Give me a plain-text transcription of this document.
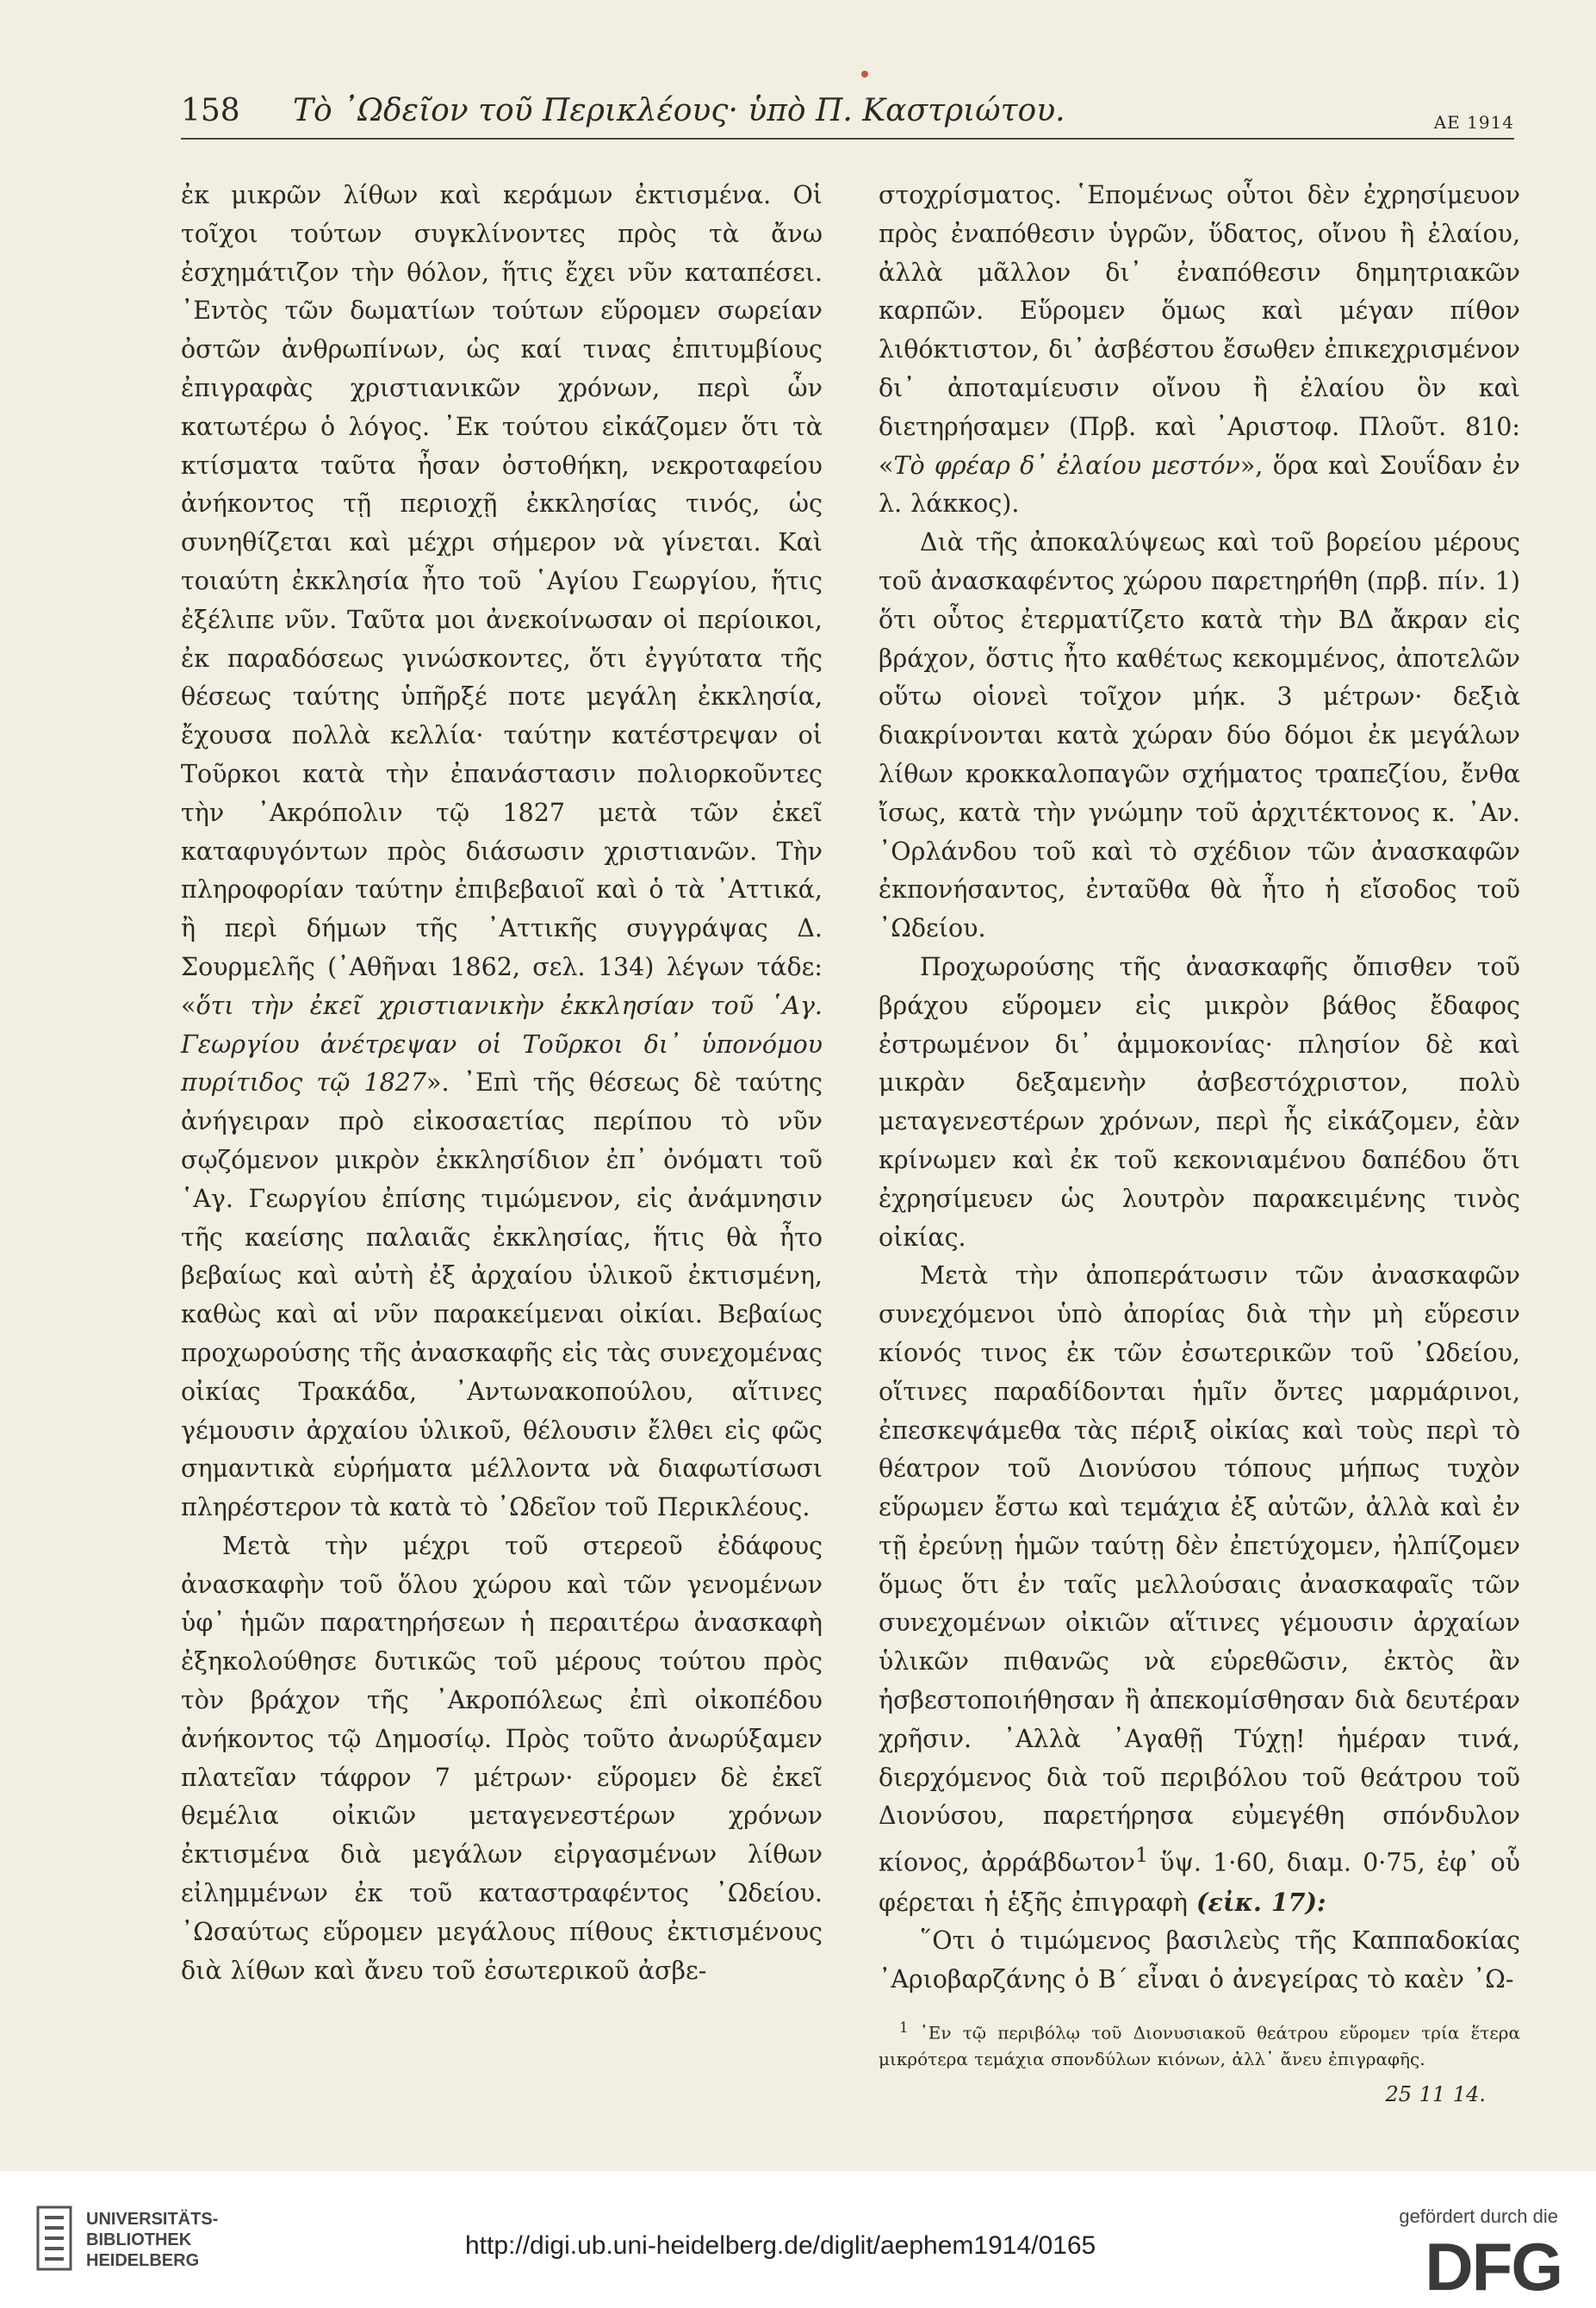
158 Τὸ ᾿Ωδεῖον τοῦ Περικλέους· ὑπὸ Π. Καστριώτου.	ΑΕ 1914

ἐκ μικρῶν λίθων καὶ κεράμων ἐκτισμένα. Οἱ τοῖχοι τούτων συγκλίνοντες πρὸς τὰ ἄνω ἐσχημάτιζον τὴν θόλον, ἥτις ἔχει νῦν καταπέσει. ᾿Εντὸς τῶν δωματίων τούτων εὕρομεν σωρείαν ὀστῶν ἀνθρωπίνων, ὡς καί τινας ἐπιτυμβίους ἐπιγραφὰς χριστιανικῶν χρόνων, περὶ ὧν κατωτέρω ὁ λόγος. ᾿Εκ τούτου εἰκάζομεν ὅτι τὰ κτίσματα ταῦτα ἦσαν ὀστοθήκη, νεκροταφείου ἀνήκοντος τῇ περιοχῇ ἐκκλησίας τινός, ὡς συνηθίζεται καὶ μέχρι σήμερον νὰ γίνεται. Καὶ τοιαύτη ἐκκλησία ἦτο τοῦ ῾Αγίου Γεωργίου, ἥτις ἐξέλιπε νῦν. Ταῦτα μοι ἀνεκοίνωσαν οἱ περίοικοι, ἐκ παραδόσεως γινώσκοντες, ὅτι ἐγγύτατα τῆς θέσεως ταύτης ὑπῆρξέ ποτε μεγάλη ἐκκλησία, ἔχουσα πολλὰ κελλία· ταύτην κατέστρεψαν οἱ Τοῦρκοι κατὰ τὴν ἐπανάστασιν πολιορκοῦντες τὴν ᾿Ακρόπολιν τῷ 1827 μετὰ τῶν ἐκεῖ καταφυγόντων πρὸς διάσωσιν χριστιανῶν. Τὴν πληροφορίαν ταύτην ἐπιβεβαιοῖ καὶ ὁ τὰ ᾿Αττικά, ἢ περὶ δήμων τῆς ᾿Αττικῆς συγγράψας Δ. Σουρμελῆς (᾿Αθῆναι 1862, σελ. 134) λέγων τάδε: «ὅτι τὴν ἐκεῖ χριστιανικὴν ἐκκλησίαν τοῦ ῾Αγ. Γεωργίου ἀνέτρεψαν οἱ Τοῦρκοι δι᾿ ὑπονόμου πυρίτιδος τῷ 1827». ᾿Επὶ τῆς θέσεως δὲ ταύτης ἀνήγειραν πρὸ εἰκοσαετίας περίπου τὸ νῦν σῳζόμενον μικρὸν ἐκκλησίδιον ἐπ᾿ ὀνόματι τοῦ ῾Αγ. Γεωργίου ἐπίσης τιμώμενον, εἰς ἀνάμνησιν τῆς καείσης παλαιᾶς ἐκκλησίας, ἥτις θὰ ἦτο βεβαίως καὶ αὐτὴ ἐξ ἀρχαίου ὑλικοῦ ἐκτισμένη, καθὼς καὶ αἱ νῦν παρακείμεναι οἰκίαι. Βεβαίως προχωρούσης τῆς ἀνασκαφῆς εἰς τὰς συνεχομένας οἰκίας Τρακάδα, ᾿Αντωνακοπούλου, αἵτινες γέμουσιν ἀρχαίου ὑλικοῦ, θέλουσιν ἔλθει εἰς φῶς σημαντικὰ εὑρήματα μέλλοντα νὰ διαφωτίσωσι πληρέστερον τὰ κατὰ τὸ ᾿Ωδεῖον τοῦ Περικλέους.

Μετὰ τὴν μέχρι τοῦ στερεοῦ ἐδάφους ἀνασκαφὴν τοῦ ὅλου χώρου καὶ τῶν γενομένων ὑφ᾿ ἡμῶν παρατηρήσεων ἡ περαιτέρω ἀνασκαφὴ ἐξηκολούθησε δυτικῶς τοῦ μέρους τούτου πρὸς τὸν βράχον τῆς ᾿Ακροπόλεως ἐπὶ οἰκοπέδου ἀνήκοντος τῷ Δημοσίῳ. Πρὸς τοῦτο ἀνωρύξαμεν πλατεῖαν τάφρον 7 μέτρων· εὕρομεν δὲ ἐκεῖ θεμέλια οἰκιῶν μεταγενεστέρων χρόνων ἐκτισμένα διὰ μεγάλων εἰργασμένων λίθων εἰλημμένων ἐκ τοῦ καταστραφέντος ᾿Ωδείου. ᾿Ωσαύτως εὕρομεν μεγάλους πίθους ἐκτισμένους διὰ λίθων καὶ ἄνευ τοῦ ἐσωτερικοῦ ἀσβε-

στοχρίσματος. ῾Επομένως οὗτοι δὲν ἐχρησίμευον πρὸς ἐναπόθεσιν ὑγρῶν, ὕδατος, οἴνου ἢ ἐλαίου, ἀλλὰ μᾶλλον δι᾿ ἐναπόθεσιν δημητριακῶν καρπῶν. Εὕρομεν ὅμως καὶ μέγαν πίθον λιθόκτιστον, δι᾿ ἀσβέστου ἔσωθεν ἐπικεχρισμένον δι᾿ ἀποταμίευσιν οἴνου ἢ ἐλαίου ὃν καὶ διετηρήσαμεν (Πρβ. καὶ ᾿Αριστοφ. Πλοῦτ. 810: «Τὸ φρέαρ δ᾿ ἐλαίου μεστόν», ὅρα καὶ Σουΐδαν ἐν λ. λάκκος).

Διὰ τῆς ἀποκαλύψεως καὶ τοῦ βορείου μέρους τοῦ ἀνασκαφέντος χώρου παρετηρήθη (πρβ. πίν. 1) ὅτι οὗτος ἐτερματίζετο κατὰ τὴν ΒΔ ἄκραν εἰς βράχον, ὅστις ἦτο καθέτως κεκομμένος, ἀποτελῶν οὕτω οἱονεὶ τοῖχον μήκ. 3 μέτρων· δεξιὰ διακρίνονται κατὰ χώραν δύο δόμοι ἐκ μεγάλων λίθων κροκκαλοπαγῶν σχήματος τραπεζίου, ἔνθα ἴσως, κατὰ τὴν γνώμην τοῦ ἀρχιτέκτονος κ. ᾿Αν. ᾿Ορλάνδου τοῦ καὶ τὸ σχέδιον τῶν ἀνασκαφῶν ἐκπονήσαντος, ἐνταῦθα θὰ ἦτο ἡ εἴσοδος τοῦ ᾿Ωδείου.

Προχωρούσης τῆς ἀνασκαφῆς ὄπισθεν τοῦ βράχου εὕρομεν εἰς μικρὸν βάθος ἔδαφος ἐστρωμένον δι᾿ ἀμμοκονίας· πλησίον δὲ καὶ μικρὰν δεξαμενὴν ἀσβεστόχριστον, πολὺ μεταγενεστέρων χρόνων, περὶ ἧς εἰκάζομεν, ἐὰν κρίνωμεν καὶ ἐκ τοῦ κεκονιαμένου δαπέδου ὅτι ἐχρησίμευεν ὡς λουτρὸν παρακειμένης τινὸς οἰκίας.

Μετὰ τὴν ἀποπεράτωσιν τῶν ἀνασκαφῶν συνεχόμενοι ὑπὸ ἀπορίας διὰ τὴν μὴ εὕρεσιν κίονός τινος ἐκ τῶν ἐσωτερικῶν τοῦ ᾿Ωδείου, οἵτινες παραδίδονται ἡμῖν ὄντες μαρμάρινοι, ἐπεσκεψάμεθα τὰς πέριξ οἰκίας καὶ τοὺς περὶ τὸ θέατρον τοῦ Διονύσου τόπους μήπως τυχὸν εὕρωμεν ἔστω καὶ τεμάχια ἐξ αὐτῶν, ἀλλὰ καὶ ἐν τῇ ἐρεύνῃ ἡμῶν ταύτῃ δὲν ἐπετύχομεν, ἠλπίζομεν ὅμως ὅτι ἐν ταῖς μελλούσαις ἀνασκαφαῖς τῶν συνεχομένων οἰκιῶν αἵτινες γέμουσιν ἀρχαίων ὑλικῶν πιθανῶς νὰ εὑρεθῶσιν, ἐκτὸς ἂν ἠσβεστοποιήθησαν ἢ ἀπεκομίσθησαν διὰ δευτέραν χρῆσιν. ᾿Αλλὰ ᾿Αγαθῇ Τύχῃ! ἡμέραν τινά, διερχόμενος διὰ τοῦ περιβόλου τοῦ θεάτρου τοῦ Διονύσου, παρετήρησα εὐμεγέθη σπόνδυλον κίονος, ἀρράβδωτον$^1$ ὕψ. 1·60, διαμ. 0·75, ἐφ᾿ οὗ φέρεται ἡ ἑξῆς ἐπιγραφὴ (εἰκ. 17):

῞Οτι ὁ τιμώμενος βασιλεὺς τῆς Καππαδοκίας ᾿Αριοβαρζάνης ὁ Β´ εἶναι ὁ ἀνεγείρας τὸ καὲν ᾿Ω-

$^1$ ᾿Εν τῷ περιβόλῳ τοῦ Διονυσιακοῦ θεάτρου εὕρομεν τρία ἕτερα μικρότερα τεμάχια σπονδύλων κιόνων, ἀλλ᾿ ἄνευ ἐπιγραφῆς.
25 11 14.
UNIVERSITÄTS-
BIBLIOTHEK
HEIDELBERG
http://digi.ub.uni-heidelberg.de/diglit/aephem1914/0165
gefördert durch die
DFG
